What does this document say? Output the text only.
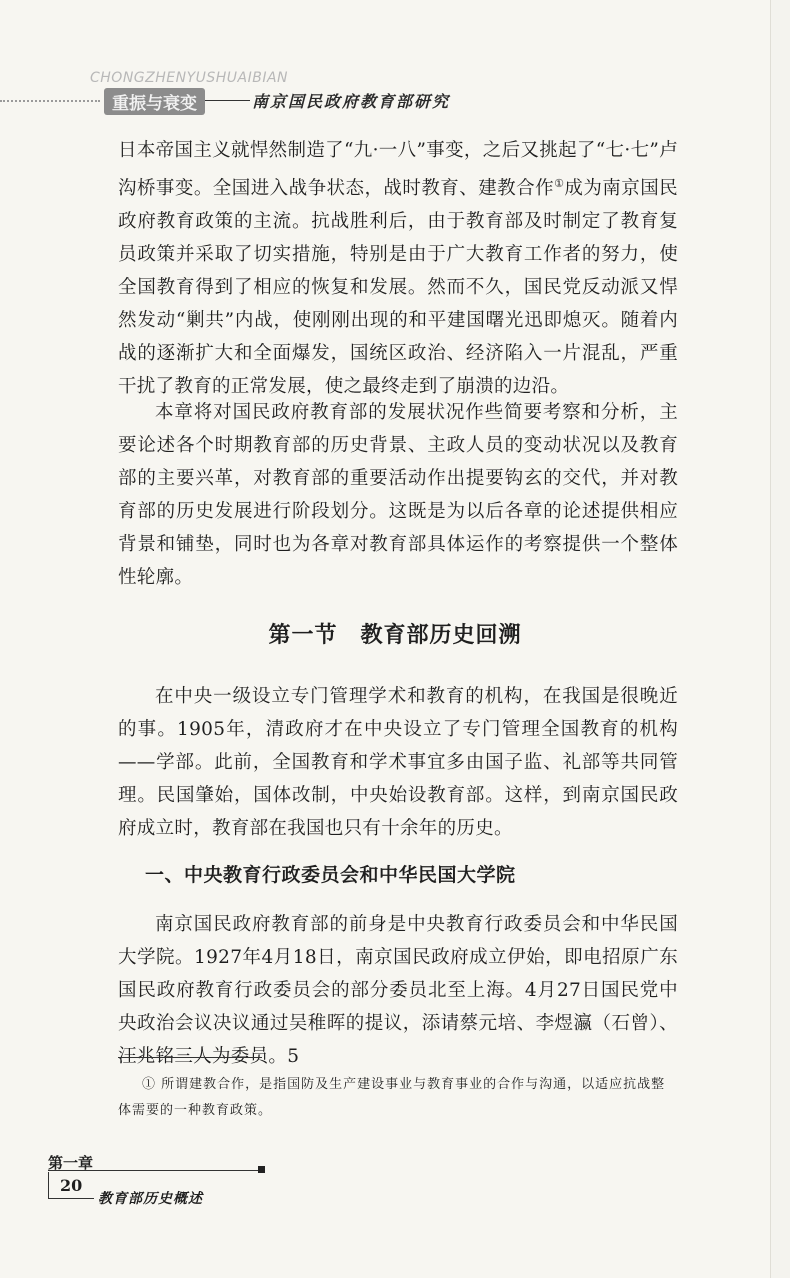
CHONGZHENYUSHUAIBIAN
重振与衰变	南京国民政府教育部研究

日本帝国主义就悍然制造了“九·一八”事变，之后又挑起了“七·七”卢沟桥事变。全国进入战争状态，战时教育、建教合作①成为南京国民政府教育政策的主流。抗战胜利后，由于教育部及时制定了教育复员政策并采取了切实措施，特别是由于广大教育工作者的努力，使全国教育得到了相应的恢复和发展。然而不久，国民党反动派又悍然发动“剿共”内战，使刚刚出现的和平建国曙光迅即熄灭。随着内战的逐渐扩大和全面爆发，国统区政治、经济陷入一片混乱，严重干扰了教育的正常发展，使之最终走到了崩溃的边沿。

本章将对国民政府教育部的发展状况作些简要考察和分析，主要论述各个时期教育部的历史背景、主政人员的变动状况以及教育部的主要兴革，对教育部的重要活动作出提要钩玄的交代，并对教育部的历史发展进行阶段划分。这既是为以后各章的论述提供相应背景和铺垫，同时也为各章对教育部具体运作的考察提供一个整体性轮廓。

第一节　教育部历史回溯

在中央一级设立专门管理学术和教育的机构，在我国是很晚近的事。1905年，清政府才在中央设立了专门管理全国教育的机构——学部。此前，全国教育和学术事宜多由国子监、礼部等共同管理。民国肇始，国体改制，中央始设教育部。这样，到南京国民政府成立时，教育部在我国也只有十余年的历史。

一、中央教育行政委员会和中华民国大学院

南京国民政府教育部的前身是中央教育行政委员会和中华民国大学院。1927年4月18日，南京国民政府成立伊始，即电招原广东国民政府教育行政委员会的部分委员北至上海。4月27日国民党中央政治会议决议通过吴稚晖的提议，添请蔡元培、李煜瀛（石曾）、汪兆铭三人为委员。5

① 所谓建教合作，是指国防及生产建设事业与教育事业的合作与沟通，以适应抗战整体需要的一种教育政策。

第一章
20
教育部历史概述
